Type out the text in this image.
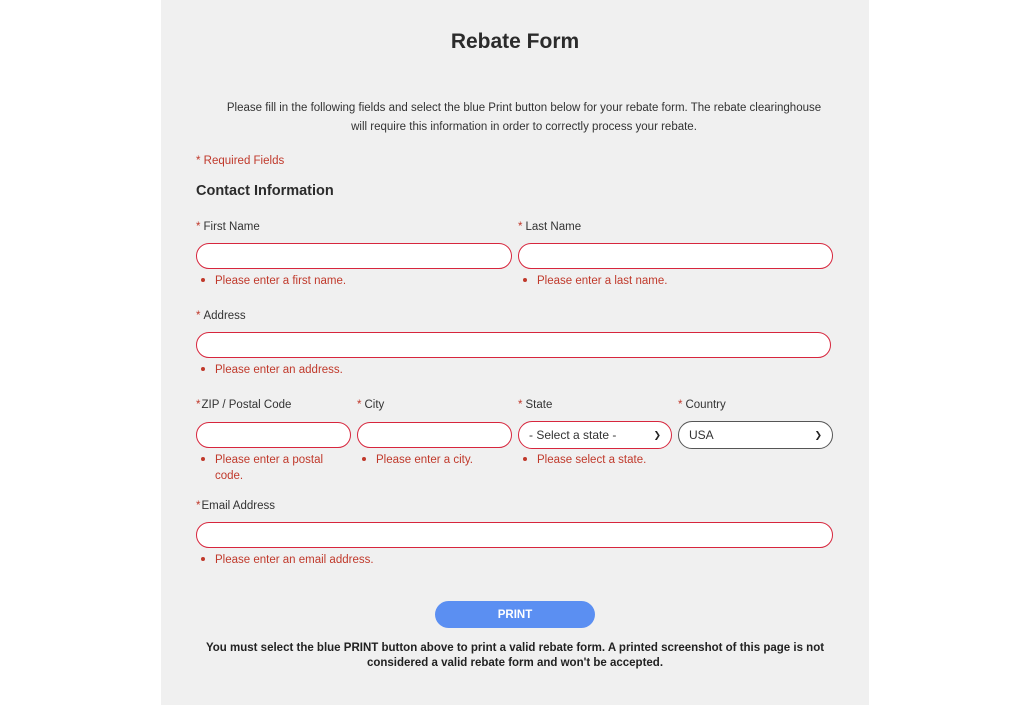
Rebate Form
Please fill in the following fields and select the blue Print button below for your rebate form. The rebate clearinghouse will require this information in order to correctly process your rebate.
* Required Fields
Contact Information
* First Name
Please enter a first name.
* Last Name
Please enter a last name.
* Address
Please enter an address.
*ZIP / Postal Code
Please enter a postal
code.
* City
Please enter a city.
* State
- Select a state -	❯
Please select a state.
* Country
USA	❯
*Email Address
Please enter an email address.
PRINT
You must select the blue PRINT button above to print a valid rebate form. A printed screenshot of this page is not considered a valid rebate form and won't be accepted.
